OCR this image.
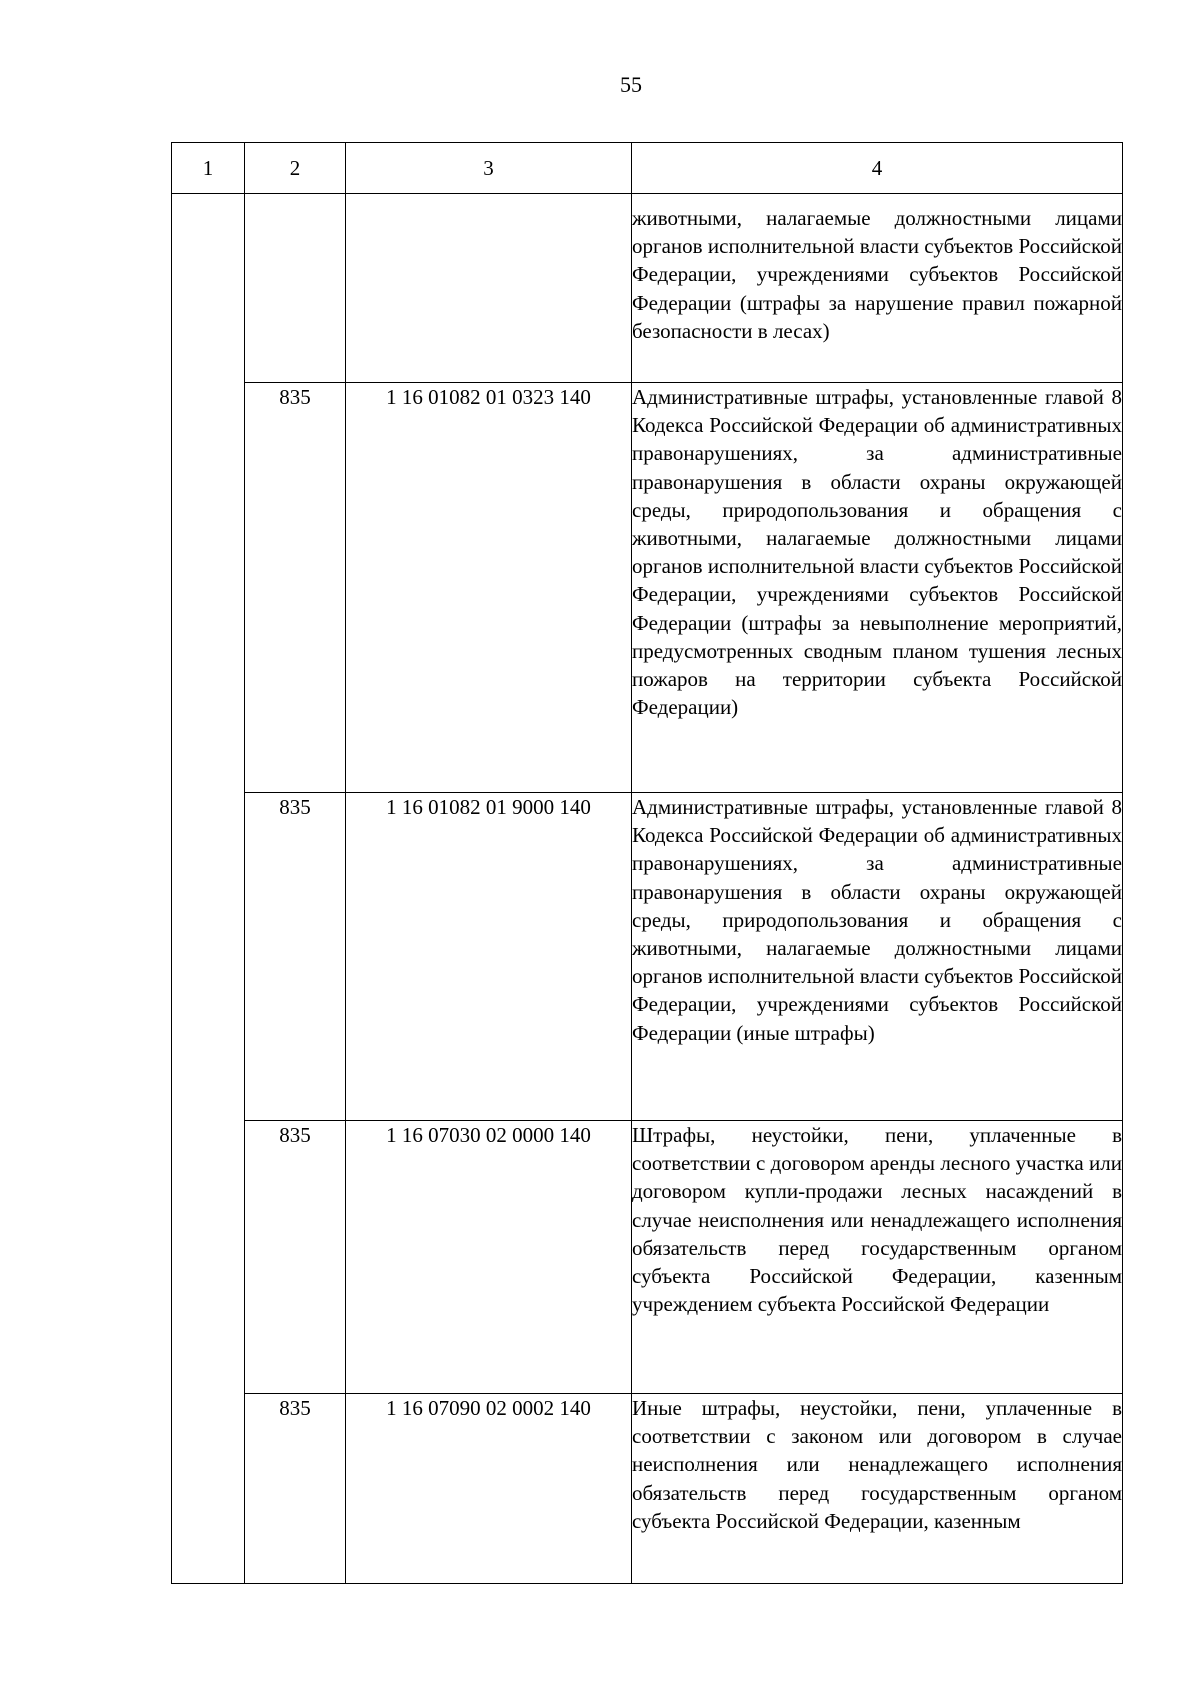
55
1	2	3	4
			животными, налагаемые должностными лицами органов исполнительной власти субъектов Российской Федерации, учреждениями субъектов Российской Федерации (штрафы за нарушение правил пожарной безопасности в лесах)
	835	1 16 01082 01 0323 140	Административные штрафы, установленные главой 8 Кодекса Российской Федерации об административных правонарушениях, за административные правонарушения в области охраны окружающей среды, природопользования и обращения с животными, налагаемые должностными лицами органов исполнительной власти субъектов Российской Федерации, учреждениями субъектов Российской Федерации (штрафы за невыполнение мероприятий, предусмотренных сводным планом тушения лесных пожаров на территории субъекта Российской Федерации)
	835	1 16 01082 01 9000 140	Административные штрафы, установленные главой 8 Кодекса Российской Федерации об административных правонарушениях, за административные правонарушения в области охраны окружающей среды, природопользования и обращения с животными, налагаемые должностными лицами органов исполнительной власти субъектов Российской Федерации, учреждениями субъектов Российской Федерации (иные штрафы)
	835	1 16 07030 02 0000 140	Штрафы, неустойки, пени, уплаченные в соответствии с договором аренды лесного участка или договором купли-продажи лесных насаждений в случае неисполнения или ненадлежащего исполнения обязательств перед государственным органом субъекта Российской Федерации, казенным учреждением субъекта Российской Федерации
	835	1 16 07090 02 0002 140	Иные штрафы, неустойки, пени, уплаченные в соответствии с законом или договором в случае неисполнения или ненадлежащего исполнения обязательств перед государственным органом субъекта Российской Федерации, казенным
